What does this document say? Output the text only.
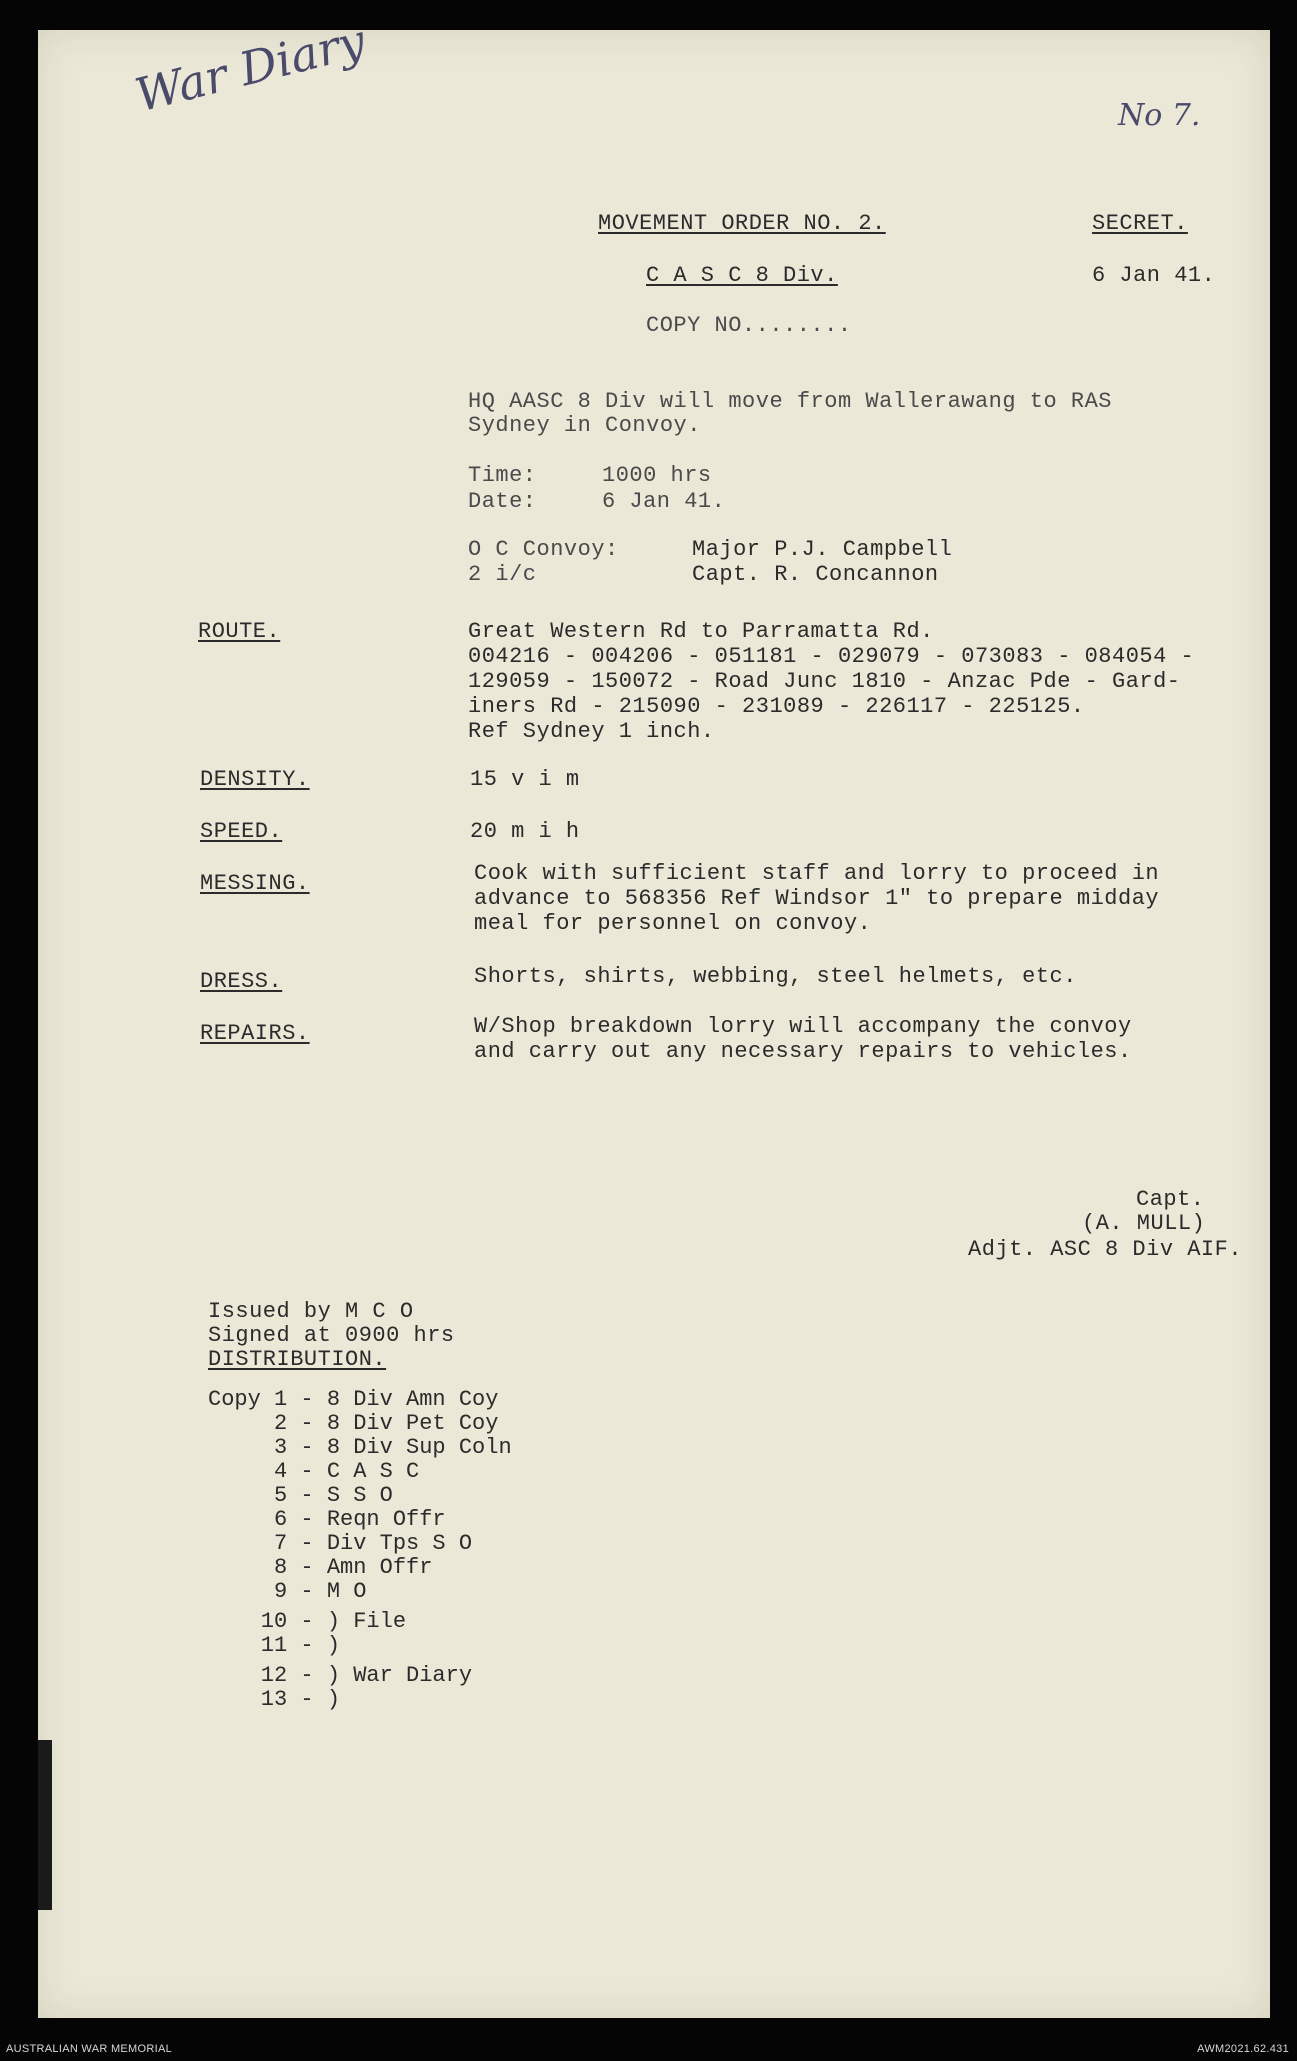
War Diary	No 7.
MOVEMENT ORDER NO. 2.	SECRET.
C A S C 8 Div.	6 Jan 41.
COPY NO........
HQ AASC 8 Div will move from Wallerawang to RAS
Sydney in Convoy.
Time:	1000 hrs
Date:	6 Jan 41.
O C Convoy:	Major P.J. Campbell
2 i/c	Capt. R. Concannon
ROUTE.	Great Western Rd to Parramatta Rd.
004216 - 004206 - 051181 - 029079 - 073083 - 084054 -
129059 - 150072 - Road Junc 1810 - Anzac Pde - Gard-
iners Rd - 215090 - 231089 - 226117 - 225125.
Ref Sydney 1 inch.
DENSITY.	15 v i m
SPEED.	20 m i h
MESSING.	Cook with sufficient staff and lorry to proceed in
advance to 568356 Ref Windsor 1" to prepare midday
meal for personnel on convoy.
DRESS.	Shorts, shirts, webbing, steel helmets, etc.
REPAIRS.	W/Shop breakdown lorry will accompany the convoy
and carry out any necessary repairs to vehicles.
Capt.
(A. MULL)
Adjt. ASC 8 Div AIF.
Issued by M C O
Signed at 0900 hrs
DISTRIBUTION.
Copy 1 - 8 Div Amn Coy
2 - 8 Div Pet Coy
3 - 8 Div Sup Coln
4 - C A S C
5 - S S O
6 - Reqn Offr
7 - Div Tps S O
8 - Amn Offr
9 - M O
10 - ) File
11 - )
12 - ) War Diary
13 - )
AUSTRALIAN WAR MEMORIAL	AWM2021.62.431
